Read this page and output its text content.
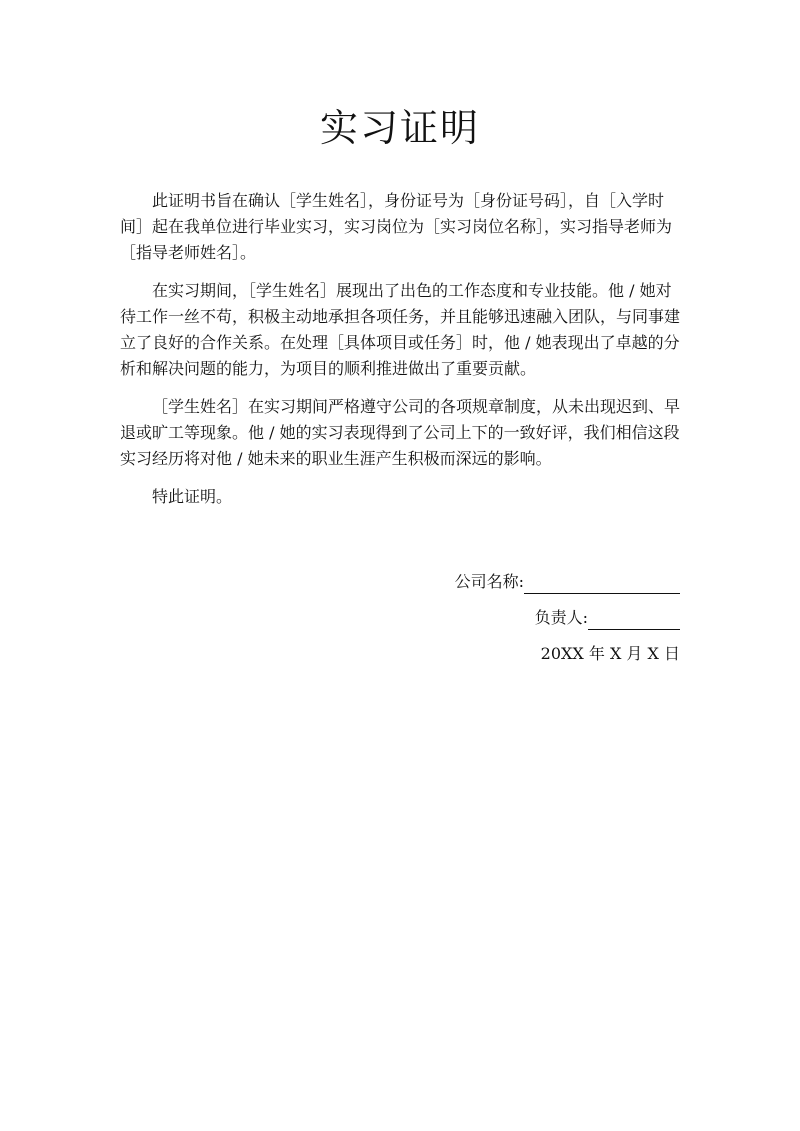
实习证明

此证明书旨在确认［学生姓名］，身份证号为［身份证号码］，自［入学时间］起在我单位进行毕业实习，实习岗位为［实习岗位名称］，实习指导老师为［指导老师姓名］。

在实习期间，［学生姓名］展现出了出色的工作态度和专业技能。他 / 她对待工作一丝不苟，积极主动地承担各项任务，并且能够迅速融入团队，与同事建立了良好的合作关系。在处理［具体项目或任务］时，他 / 她表现出了卓越的分析和解决问题的能力，为项目的顺利推进做出了重要贡献。

［学生姓名］在实习期间严格遵守公司的各项规章制度，从未出现迟到、早退或旷工等现象。他 / 她的实习表现得到了公司上下的一致好评，我们相信这段实习经历将对他 / 她未来的职业生涯产生积极而深远的影响。

特此证明。

公司名称:
负责人:
20XX 年 X 月 X 日
